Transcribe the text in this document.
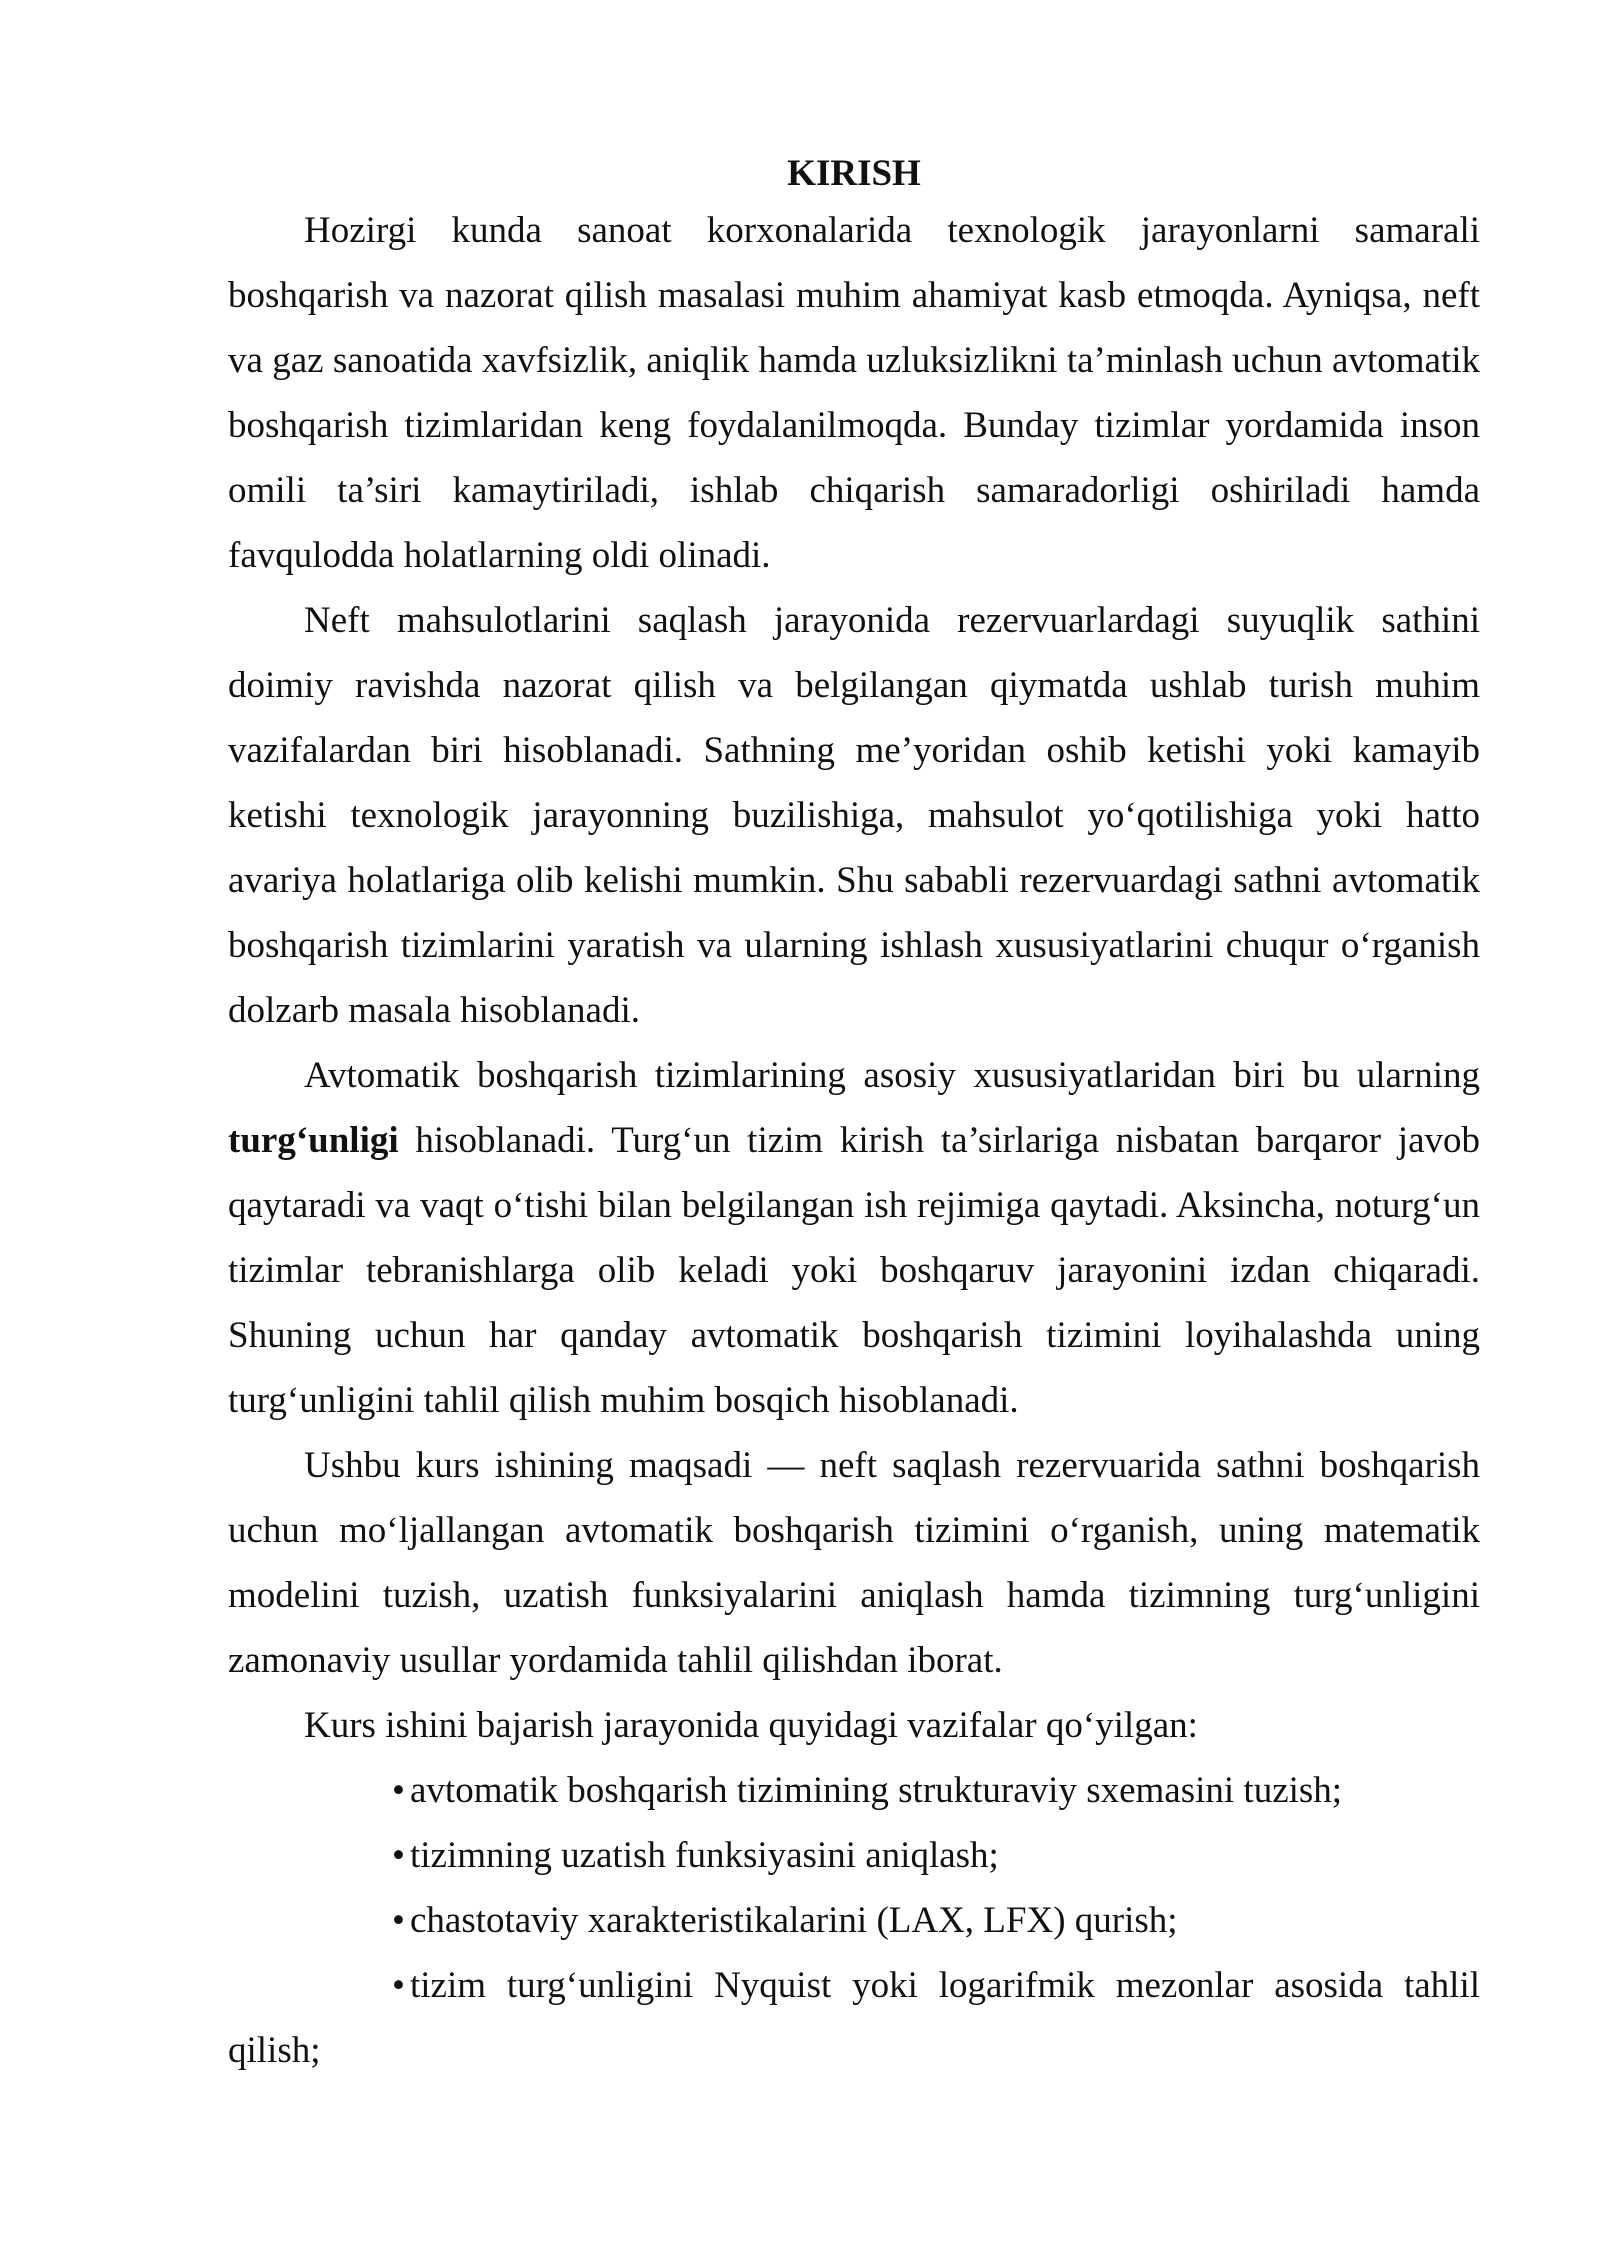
KIRISH

Hozirgi kunda sanoat korxonalarida texnologik jarayonlarni samarali boshqarish va nazorat qilish masalasi muhim ahamiyat kasb etmoqda. Ayniqsa, neft va gaz sanoatida xavfsizlik, aniqlik hamda uzluksizlikni ta’minlash uchun avtomatik boshqarish tizimlaridan keng foydalanilmoqda. Bunday tizimlar yordamida inson omili ta’siri kamaytiriladi, ishlab chiqarish samaradorligi oshiriladi hamda favqulodda holatlarning oldi olinadi.

Neft mahsulotlarini saqlash jarayonida rezervuarlardagi suyuqlik sathini doimiy ravishda nazorat qilish va belgilangan qiymatda ushlab turish muhim vazifalardan biri hisoblanadi. Sathning me’yoridan oshib ketishi yoki kamayib ketishi texnologik jarayonning buzilishiga, mahsulot yo‘qotilishiga yoki hatto avariya holatlariga olib kelishi mumkin. Shu sababli rezervuardagi sathni avtomatik boshqarish tizimlarini yaratish va ularning ishlash xususiyatlarini chuqur o‘rganish dolzarb masala hisoblanadi.

Avtomatik boshqarish tizimlarining asosiy xususiyatlaridan biri bu ularning turg‘unligi hisoblanadi. Turg‘un tizim kirish ta’sirlariga nisbatan barqaror javob qaytaradi va vaqt o‘tishi bilan belgilangan ish rejimiga qaytadi. Aksincha, noturg‘un tizimlar tebranishlarga olib keladi yoki boshqaruv jarayonini izdan chiqaradi. Shuning uchun har qanday avtomatik boshqarish tizimini loyihalashda uning turg‘unligini tahlil qilish muhim bosqich hisoblanadi.

Ushbu kurs ishining maqsadi — neft saqlash rezervuarida sathni boshqarish uchun mo‘ljallangan avtomatik boshqarish tizimini o‘rganish, uning matematik modelini tuzish, uzatish funksiyalarini aniqlash hamda tizimning turg‘unligini zamonaviy usullar yordamida tahlil qilishdan iborat.

Kurs ishini bajarish jarayonida quyidagi vazifalar qo‘yilgan:

• avtomatik boshqarish tizimining strukturaviy sxemasini tuzish;
• tizimning uzatish funksiyasini aniqlash;
• chastotaviy xarakteristikalarini (LAX, LFX) qurish;
• tizim turg‘unligini Nyquist yoki logarifmik mezonlar asosida tahlil qilish;
